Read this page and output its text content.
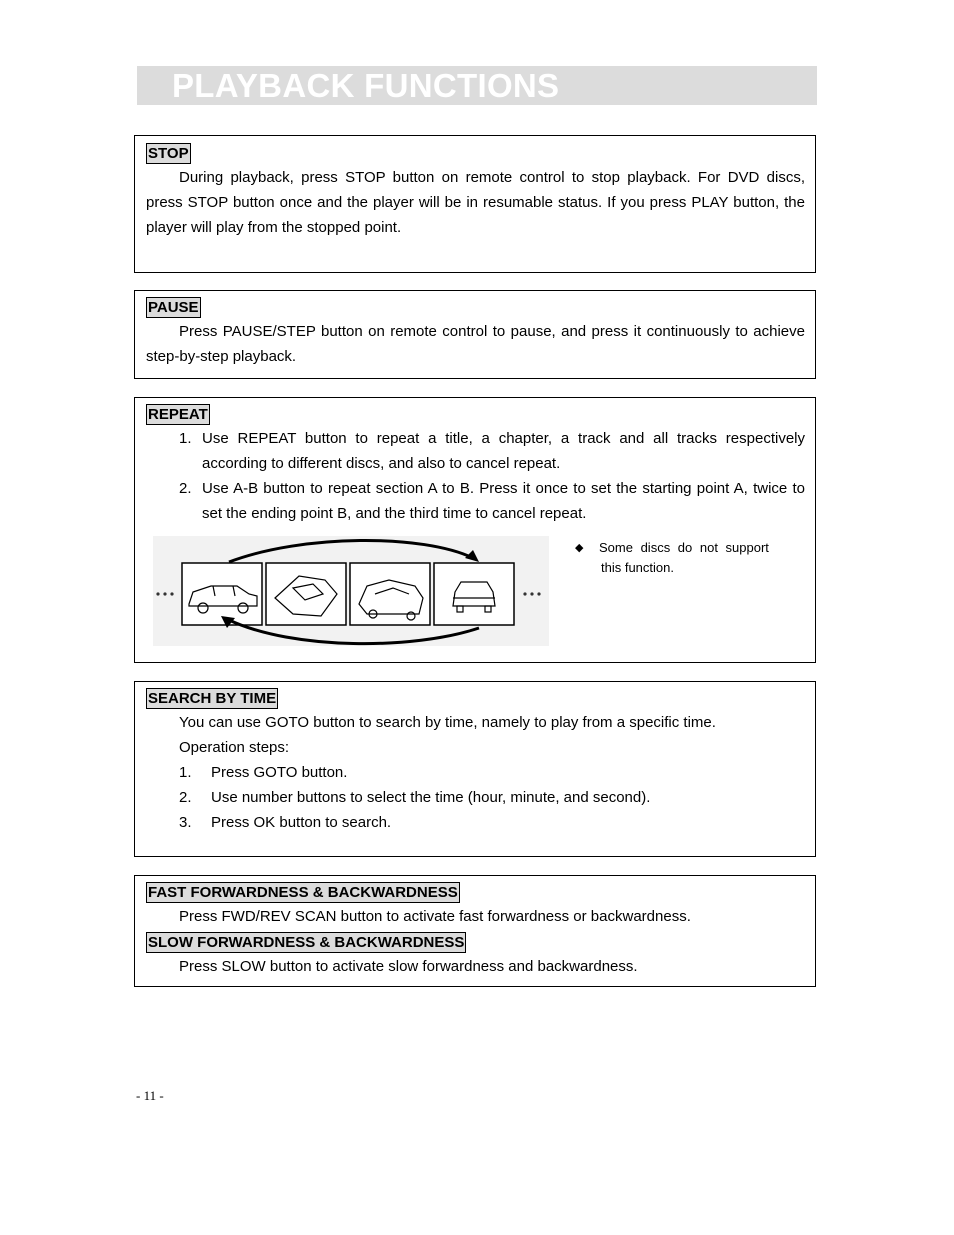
PLAYBACK FUNCTIONS
STOP
During playback, press STOP button on remote control to stop playback. For DVD discs, press STOP button once and the player will be in resumable status. If you press PLAY button, the player will play from the stopped point.
PAUSE
Press PAUSE/STEP button on remote control to pause, and press it continuously to achieve step-by-step playback.
REPEAT
1. Use REPEAT button to repeat a title, a chapter, a track and all tracks respectively according to different discs, and also to cancel repeat.
2. Use A-B button to repeat section A to B. Press it once to set the starting point A, twice to set the ending point B, and the third time to cancel repeat.
◆ Some discs do not support
this function.
SEARCH BY TIME
You can use GOTO button to search by time, namely to play from a specific time.
Operation steps:
1. Press GOTO button.
2. Use number buttons to select the time (hour, minute, and second).
3. Press OK button to search.
FAST FORWARDNESS & BACKWARDNESS
Press FWD/REV SCAN button to activate fast forwardness or backwardness.
SLOW FORWARDNESS & BACKWARDNESS
Press SLOW button to activate slow forwardness and backwardness.
- 11 -
